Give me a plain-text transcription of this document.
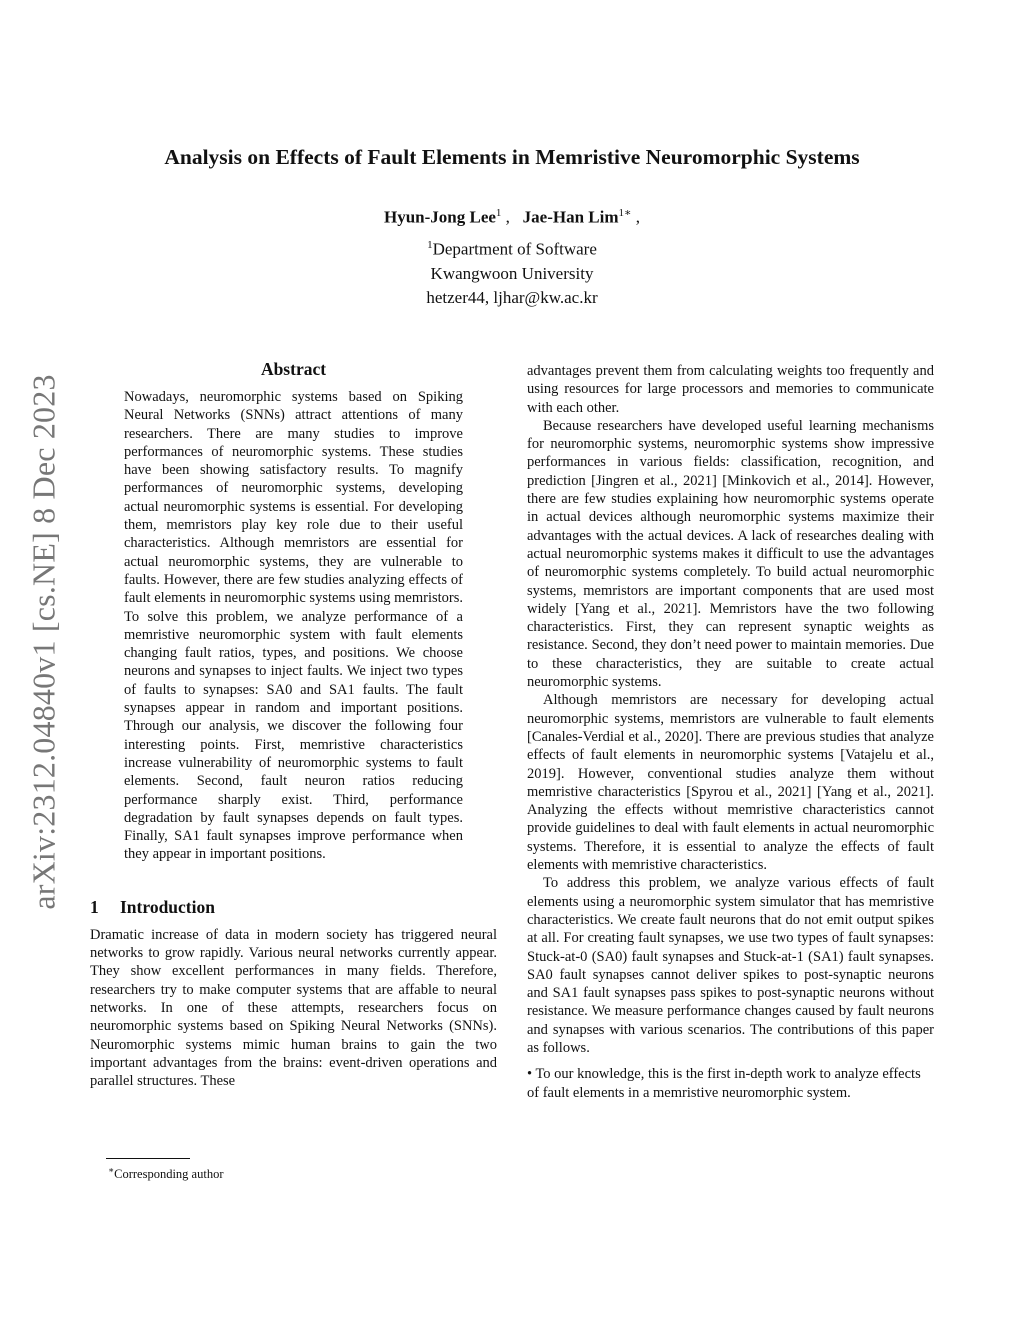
arXiv:2312.04840v1 [cs.NE] 8 Dec 2023
Analysis on Effects of Fault Elements in Memristive Neuromorphic Systems
Hyun-Jong Lee$^1$ ,   Jae-Han Lim$^{1∗}$ ,
$^1$Department of Software
Kwangwoon University
hetzer44, ljhar@kw.ac.kr
Abstract

Nowadays, neuromorphic systems based on Spiking Neural Networks (SNNs) attract attentions of many researchers. There are many studies to improve performances of neuromorphic systems. These studies have been showing satisfactory results. To magnify performances of neuromorphic systems, developing actual neuromorphic systems is essential. For developing them, memristors play key role due to their useful characteristics. Although memristors are essential for actual neuromorphic systems, they are vulnerable to faults. However, there are few studies analyzing effects of fault elements in neuromorphic systems using memristors. To solve this problem, we analyze performance of a memristive neuromorphic system with fault elements changing fault ratios, types, and positions. We choose neurons and synapses to inject faults. We inject two types of faults to synapses: SA0 and SA1 faults. The fault synapses appear in random and important positions. Through our analysis, we discover the following four interesting points. First, memristive characteristics increase vulnerability of neuromorphic systems to fault elements. Second, fault neuron ratios reducing performance sharply exist. Third, performance degradation by fault synapses depends on fault types. Finally, SA1 fault synapses improve performance when they appear in important positions.

1 Introduction

Dramatic increase of data in modern society has triggered neural networks to grow rapidly. Various neural networks currently appear. They show excellent performances in many fields. Therefore, researchers try to make computer systems that are affable to neural networks. In one of these attempts, researchers focus on neuromorphic systems based on Spiking Neural Networks (SNNs). Neuromorphic systems mimic human brains to gain the two important advantages from the brains: event-driven operations and parallel structures. These

advantages prevent them from calculating weights too frequently and using resources for large processors and memories to communicate with each other.

Because researchers have developed useful learning mechanisms for neuromorphic systems, neuromorphic systems show impressive performances in various fields: classification, recognition, and prediction [Jingren et al., 2021] [Minkovich et al., 2014]. However, there are few studies explaining how neuromorphic systems operate in actual devices although neuromorphic systems maximize their advantages with the actual devices. A lack of researches dealing with actual neuromorphic systems makes it difficult to use the advantages of neuromorphic systems completely. To build actual neuromorphic systems, memristors are important components that are used most widely [Yang et al., 2021]. Memristors have the two following characteristics. First, they can represent synaptic weights as resistance. Second, they don’t need power to maintain memories. Due to these characteristics, they are suitable to create actual neuromorphic systems.

Although memristors are necessary for developing actual neuromorphic systems, memristors are vulnerable to fault elements [Canales-Verdial et al., 2020]. There are previous studies that analyze effects of fault elements in neuromorphic systems [Vatajelu et al., 2019]. However, conventional studies analyze them without memristive characteristics [Spyrou et al., 2021] [Yang et al., 2021]. Analyzing the effects without memristive characteristics cannot provide guidelines to deal with fault elements in actual neuromorphic systems. Therefore, it is essential to analyze the effects of fault elements with memristive characteristics.

To address this problem, we analyze various effects of fault elements using a neuromorphic system simulator that has memristive characteristics. We create fault neurons that do not emit output spikes at all. For creating fault synapses, we use two types of fault synapses: Stuck-at-0 (SA0) fault synapses and Stuck-at-1 (SA1) fault synapses. SA0 fault synapses cannot deliver spikes to post-synaptic neurons and SA1 fault synapses pass spikes to post-synaptic neurons without resistance. We measure performance changes caused by fault neurons and synapses with various scenarios. The contributions of this paper as follows.

• To our knowledge, this is the first in-depth work to analyze effects of fault elements in a memristive neuromorphic system.

∗Corresponding author
